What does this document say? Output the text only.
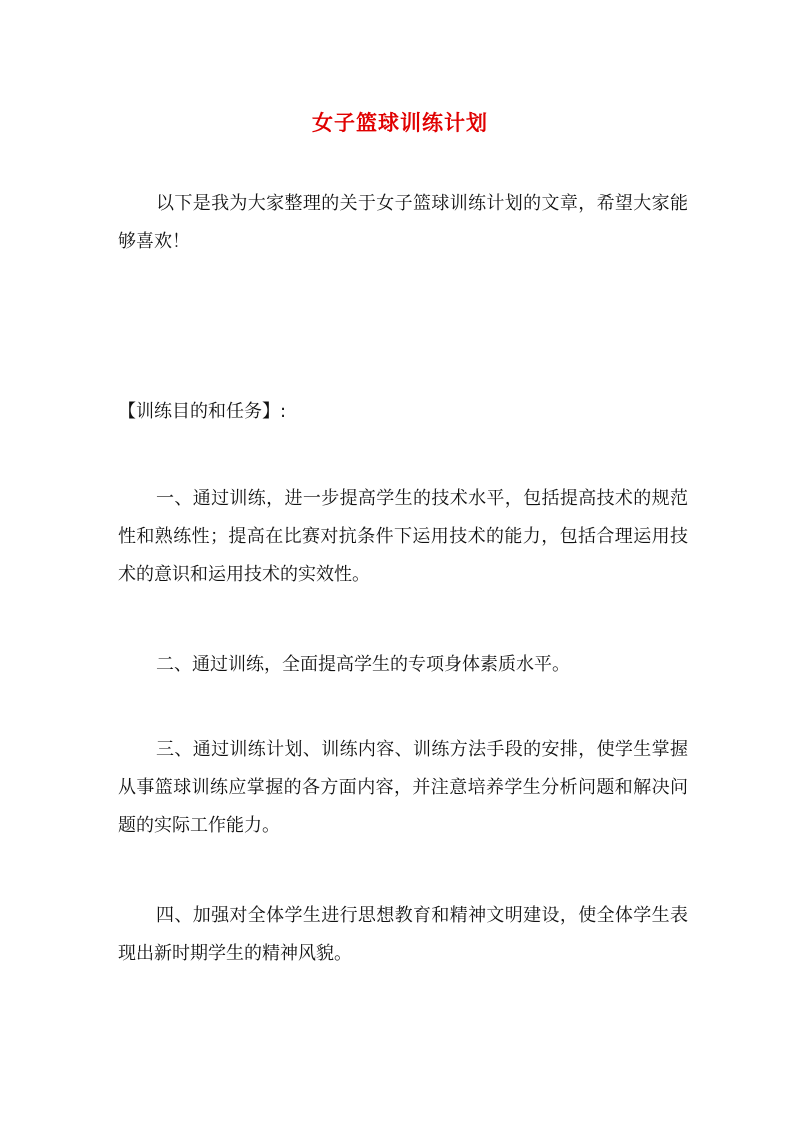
女子篮球训练计划

以下是我为大家整理的关于女子篮球训练计划的文章，希望大家能够喜欢！

【训练目的和任务】:

一、通过训练，进一步提高学生的技术水平，包括提高技术的规范性和熟练性；提高在比赛对抗条件下运用技术的能力，包括合理运用技术的意识和运用技术的实效性。

二、通过训练，全面提高学生的专项身体素质水平。

三、通过训练计划、训练内容、训练方法手段的安排，使学生掌握从事篮球训练应掌握的各方面内容，并注意培养学生分析问题和解决问题的实际工作能力。

四、加强对全体学生进行思想教育和精神文明建设，使全体学生表现出新时期学生的精神风貌。
